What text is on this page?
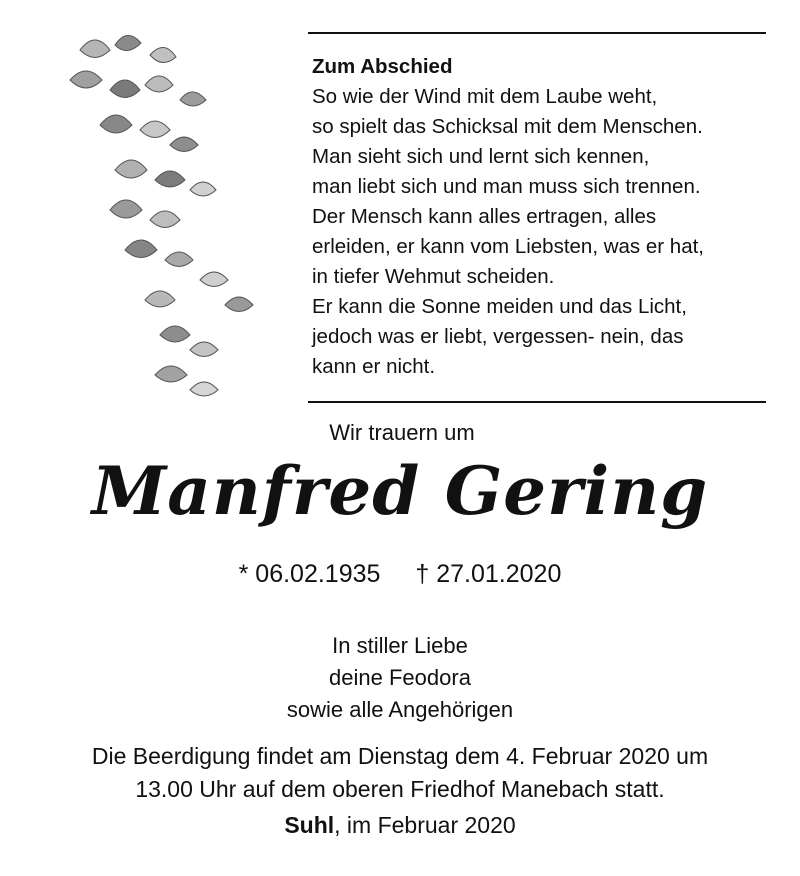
Zum Abschied
So wie der Wind mit dem Laube weht,
so spielt das Schicksal mit dem Menschen.
Man sieht sich und lernt sich kennen,
man liebt sich und man muss sich trennen.
Der Mensch kann alles ertragen, alles
erleiden, er kann vom Liebsten, was er hat,
in tiefer Wehmut scheiden.
Er kann die Sonne meiden und das Licht,
jedoch was er liebt, vergessen- nein, das
kann er nicht.
Wir trauern um
Manfred Gering
* 06.02.1935 † 27.01.2020
In stiller Liebe
deine Feodora
sowie alle Angehörigen
Die Beerdigung findet am Dienstag dem 4. Februar 2020 um
13.00 Uhr auf dem oberen Friedhof Manebach statt.
Suhl, im Februar 2020
